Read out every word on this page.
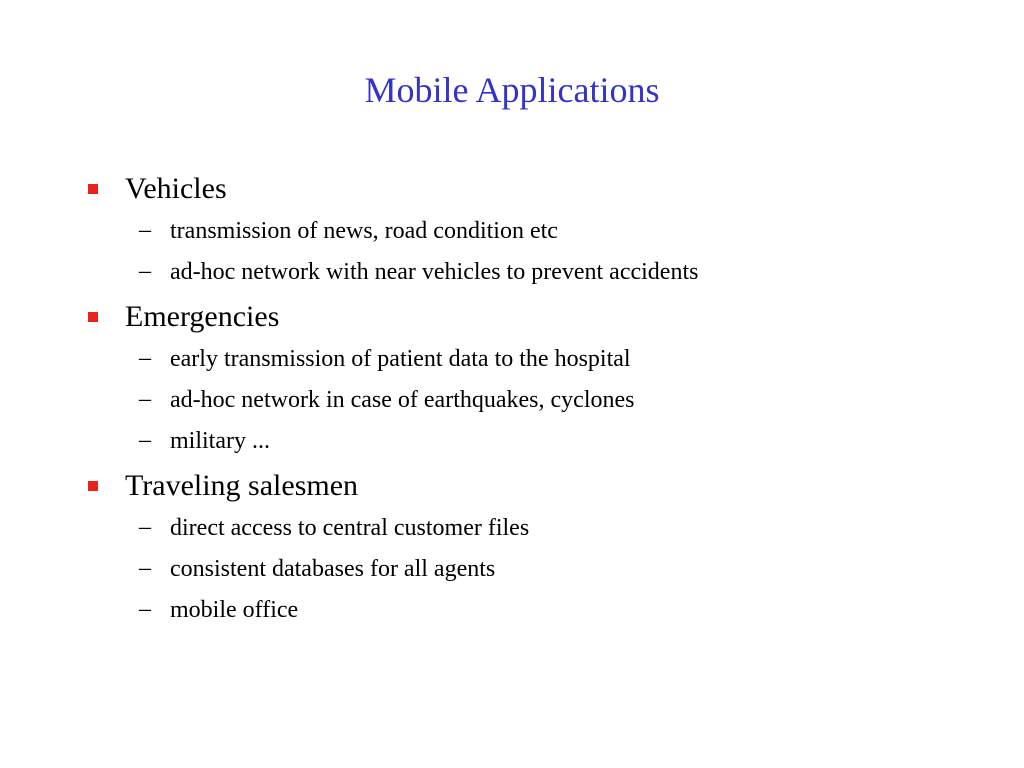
Mobile Applications
Vehicles
– transmission of news, road condition etc
– ad-hoc network with near vehicles to prevent accidents
Emergencies
– early transmission of patient data to the hospital
– ad-hoc network in case of earthquakes, cyclones
– military ...
Traveling salesmen
– direct access to central customer files
– consistent databases for all agents
– mobile office
